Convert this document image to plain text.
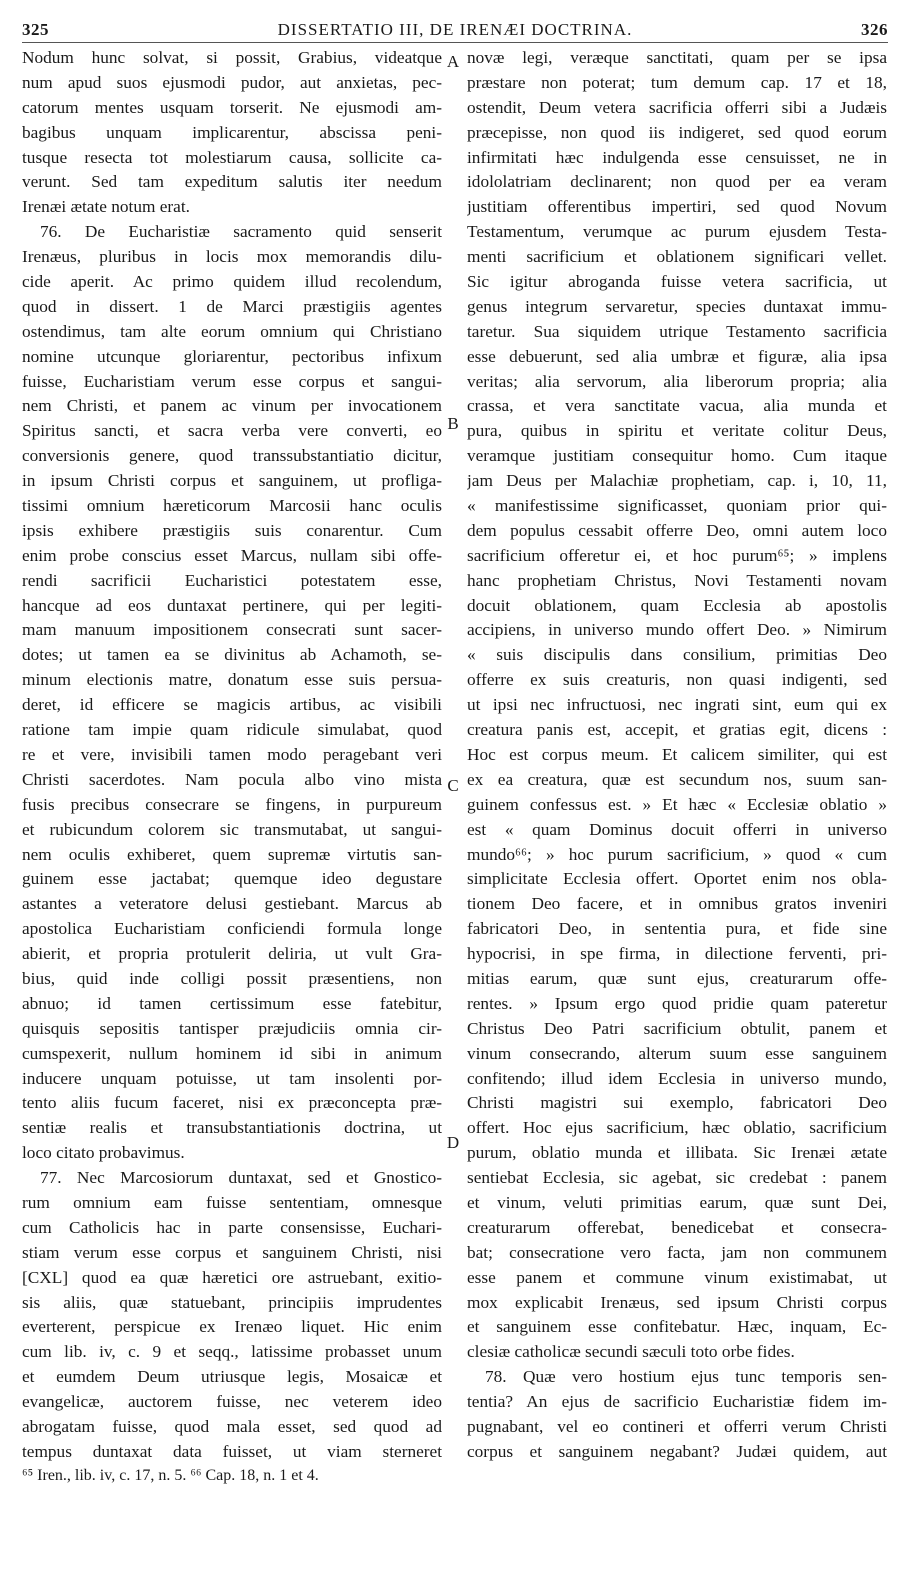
325	DISSERTATIO III, DE IRENÆI DOCTRINA.	326
Nodum hunc solvat, si possit, Grabius, videatque
num apud suos ejusmodi pudor, aut anxietas, pec-
catorum mentes usquam torserit. Ne ejusmodi am-
bagibus unquam implicarentur, abscissa peni-
tusque resecta tot molestiarum causa, sollicite ca-
verunt. Sed tam expeditum salutis iter needum
Irenæi ætate notum erat.
76. De Eucharistiæ sacramento quid senserit
Irenæus, pluribus in locis mox memorandis dilu-
cide aperit. Ac primo quidem illud recolendum,
quod in dissert. 1 de Marci præstigiis agentes
ostendimus, tam alte eorum omnium qui Christiano
nomine utcunque gloriarentur, pectoribus infixum
fuisse, Eucharistiam verum esse corpus et sangui-
nem Christi, et panem ac vinum per invocationem
Spiritus sancti, et sacra verba vere converti, eo
conversionis genere, quod transsubstantiatio dicitur,
in ipsum Christi corpus et sanguinem, ut profliga-
tissimi omnium hæreticorum Marcosii hanc oculis
ipsis exhibere præstigiis suis conarentur. Cum
enim probe conscius esset Marcus, nullam sibi offe-
rendi sacrificii Eucharistici potestatem esse,
hancque ad eos duntaxat pertinere, qui per legiti-
mam manuum impositionem consecrati sunt sacer-
dotes; ut tamen ea se divinitus ab Achamoth, se-
minum electionis matre, donatum esse suis persua-
deret, id efficere se magicis artibus, ac visibili
ratione tam impie quam ridicule simulabat, quod
re et vere, invisibili tamen modo peragebant veri
Christi sacerdotes. Nam pocula albo vino mista
fusis precibus consecrare se fingens, in purpureum
et rubicundum colorem sic transmutabat, ut sangui-
nem oculis exhiberet, quem supremæ virtutis san-
guinem esse jactabat; quemque ideo degustare
astantes a veteratore delusi gestiebant. Marcus ab
apostolica Eucharistiam conficiendi formula longe
abierit, et propria protulerit deliria, ut vult Gra-
bius, quid inde colligi possit præsentiens, non
abnuo; id tamen certissimum esse fatebitur,
quisquis sepositis tantisper præjudiciis omnia cir-
cumspexerit, nullum hominem id sibi in animum
inducere unquam potuisse, ut tam insolenti por-
tento aliis fucum faceret, nisi ex præconcepta præ-
sentiæ realis et transubstantiationis doctrina, ut
loco citato probavimus.
77. Nec Marcosiorum duntaxat, sed et Gnostico-
rum omnium eam fuisse sententiam, omnesque
cum Catholicis hac in parte consensisse, Euchari-
stiam verum esse corpus et sanguinem Christi, nisi
[CXL] quod ea quæ hæretici ore astruebant, exitio-
sis aliis, quæ statuebant, principiis imprudentes
everterent, perspicue ex Irenæo liquet. Hic enim
cum lib. iv, c. 9 et seqq., latissime probasset unum
et eumdem Deum utriusque legis, Mosaicæ et
evangelicæ, auctorem fuisse, nec veterem ideo
abrogatam fuisse, quod mala esset, sed quod ad
tempus duntaxat data fuisset, ut viam sterneret
novæ legi, veræque sanctitati, quam per se ipsa
præstare non poterat; tum demum cap. 17 et 18,
ostendit, Deum vetera sacrificia offerri sibi a Judæis
præcepisse, non quod iis indigeret, sed quod eorum
infirmitati hæc indulgenda esse censuisset, ne in
idololatriam declinarent; non quod per ea veram
justitiam offerentibus impertiri, sed quod Novum
Testamentum, verumque ac purum ejusdem Testa-
menti sacrificium et oblationem significari vellet.
Sic igitur abroganda fuisse vetera sacrificia, ut
genus integrum servaretur, species duntaxat immu-
taretur. Sua siquidem utrique Testamento sacrificia
esse debuerunt, sed alia umbræ et figuræ, alia ipsa
veritas; alia servorum, alia liberorum propria; alia
crassa, et vera sanctitate vacua, alia munda et
pura, quibus in spiritu et veritate colitur Deus,
veramque justitiam consequitur homo. Cum itaque
jam Deus per Malachiæ prophetiam, cap. i, 10, 11,
« manifestissime significasset, quoniam prior qui-
dem populus cessabit offerre Deo, omni autem loco
sacrificium offeretur ei, et hoc purum⁶⁵; » implens
hanc prophetiam Christus, Novi Testamenti novam
docuit oblationem, quam Ecclesia ab apostolis
accipiens, in universo mundo offert Deo. » Nimirum
« suis discipulis dans consilium, primitias Deo
offerre ex suis creaturis, non quasi indigenti, sed
ut ipsi nec infructuosi, nec ingrati sint, eum qui ex
creatura panis est, accepit, et gratias egit, dicens :
Hoc est corpus meum. Et calicem similiter, qui est
ex ea creatura, quæ est secundum nos, suum san-
guinem confessus est. » Et hæc « Ecclesiæ oblatio »
est « quam Dominus docuit offerri in universo
mundo⁶⁶; » hoc purum sacrificium, » quod « cum
simplicitate Ecclesia offert. Oportet enim nos obla-
tionem Deo facere, et in omnibus gratos inveniri
fabricatori Deo, in sententia pura, et fide sine
hypocrisi, in spe firma, in dilectione ferventi, pri-
mitias earum, quæ sunt ejus, creaturarum offe-
rentes. » Ipsum ergo quod pridie quam pateretur
Christus Deo Patri sacrificium obtulit, panem et
vinum consecrando, alterum suum esse sanguinem
confitendo; illud idem Ecclesia in universo mundo,
Christi magistri sui exemplo, fabricatori Deo
offert. Hoc ejus sacrificium, hæc oblatio, sacrificium
purum, oblatio munda et illibata. Sic Irenæi ætate
sentiebat Ecclesia, sic agebat, sic credebat : panem
et vinum, veluti primitias earum, quæ sunt Dei,
creaturarum offerebat, benedicebat et consecra-
bat; consecratione vero facta, jam non communem
esse panem et commune vinum existimabat, ut
mox explicabit Irenæus, sed ipsum Christi corpus
et sanguinem esse confitebatur. Hæc, inquam, Ec-
clesiæ catholicæ secundi sæculi toto orbe fides.
78. Quæ vero hostium ejus tunc temporis sen-
tentia? An ejus de sacrificio Eucharistiæ fidem im-
pugnabant, vel eo contineri et offerri verum Christi
corpus et sanguinem negabant? Judæi quidem, aut
A
B
C
D
⁶⁵ Iren., lib. iv, c. 17, n. 5. ⁶⁶ Cap. 18, n. 1 et 4.
